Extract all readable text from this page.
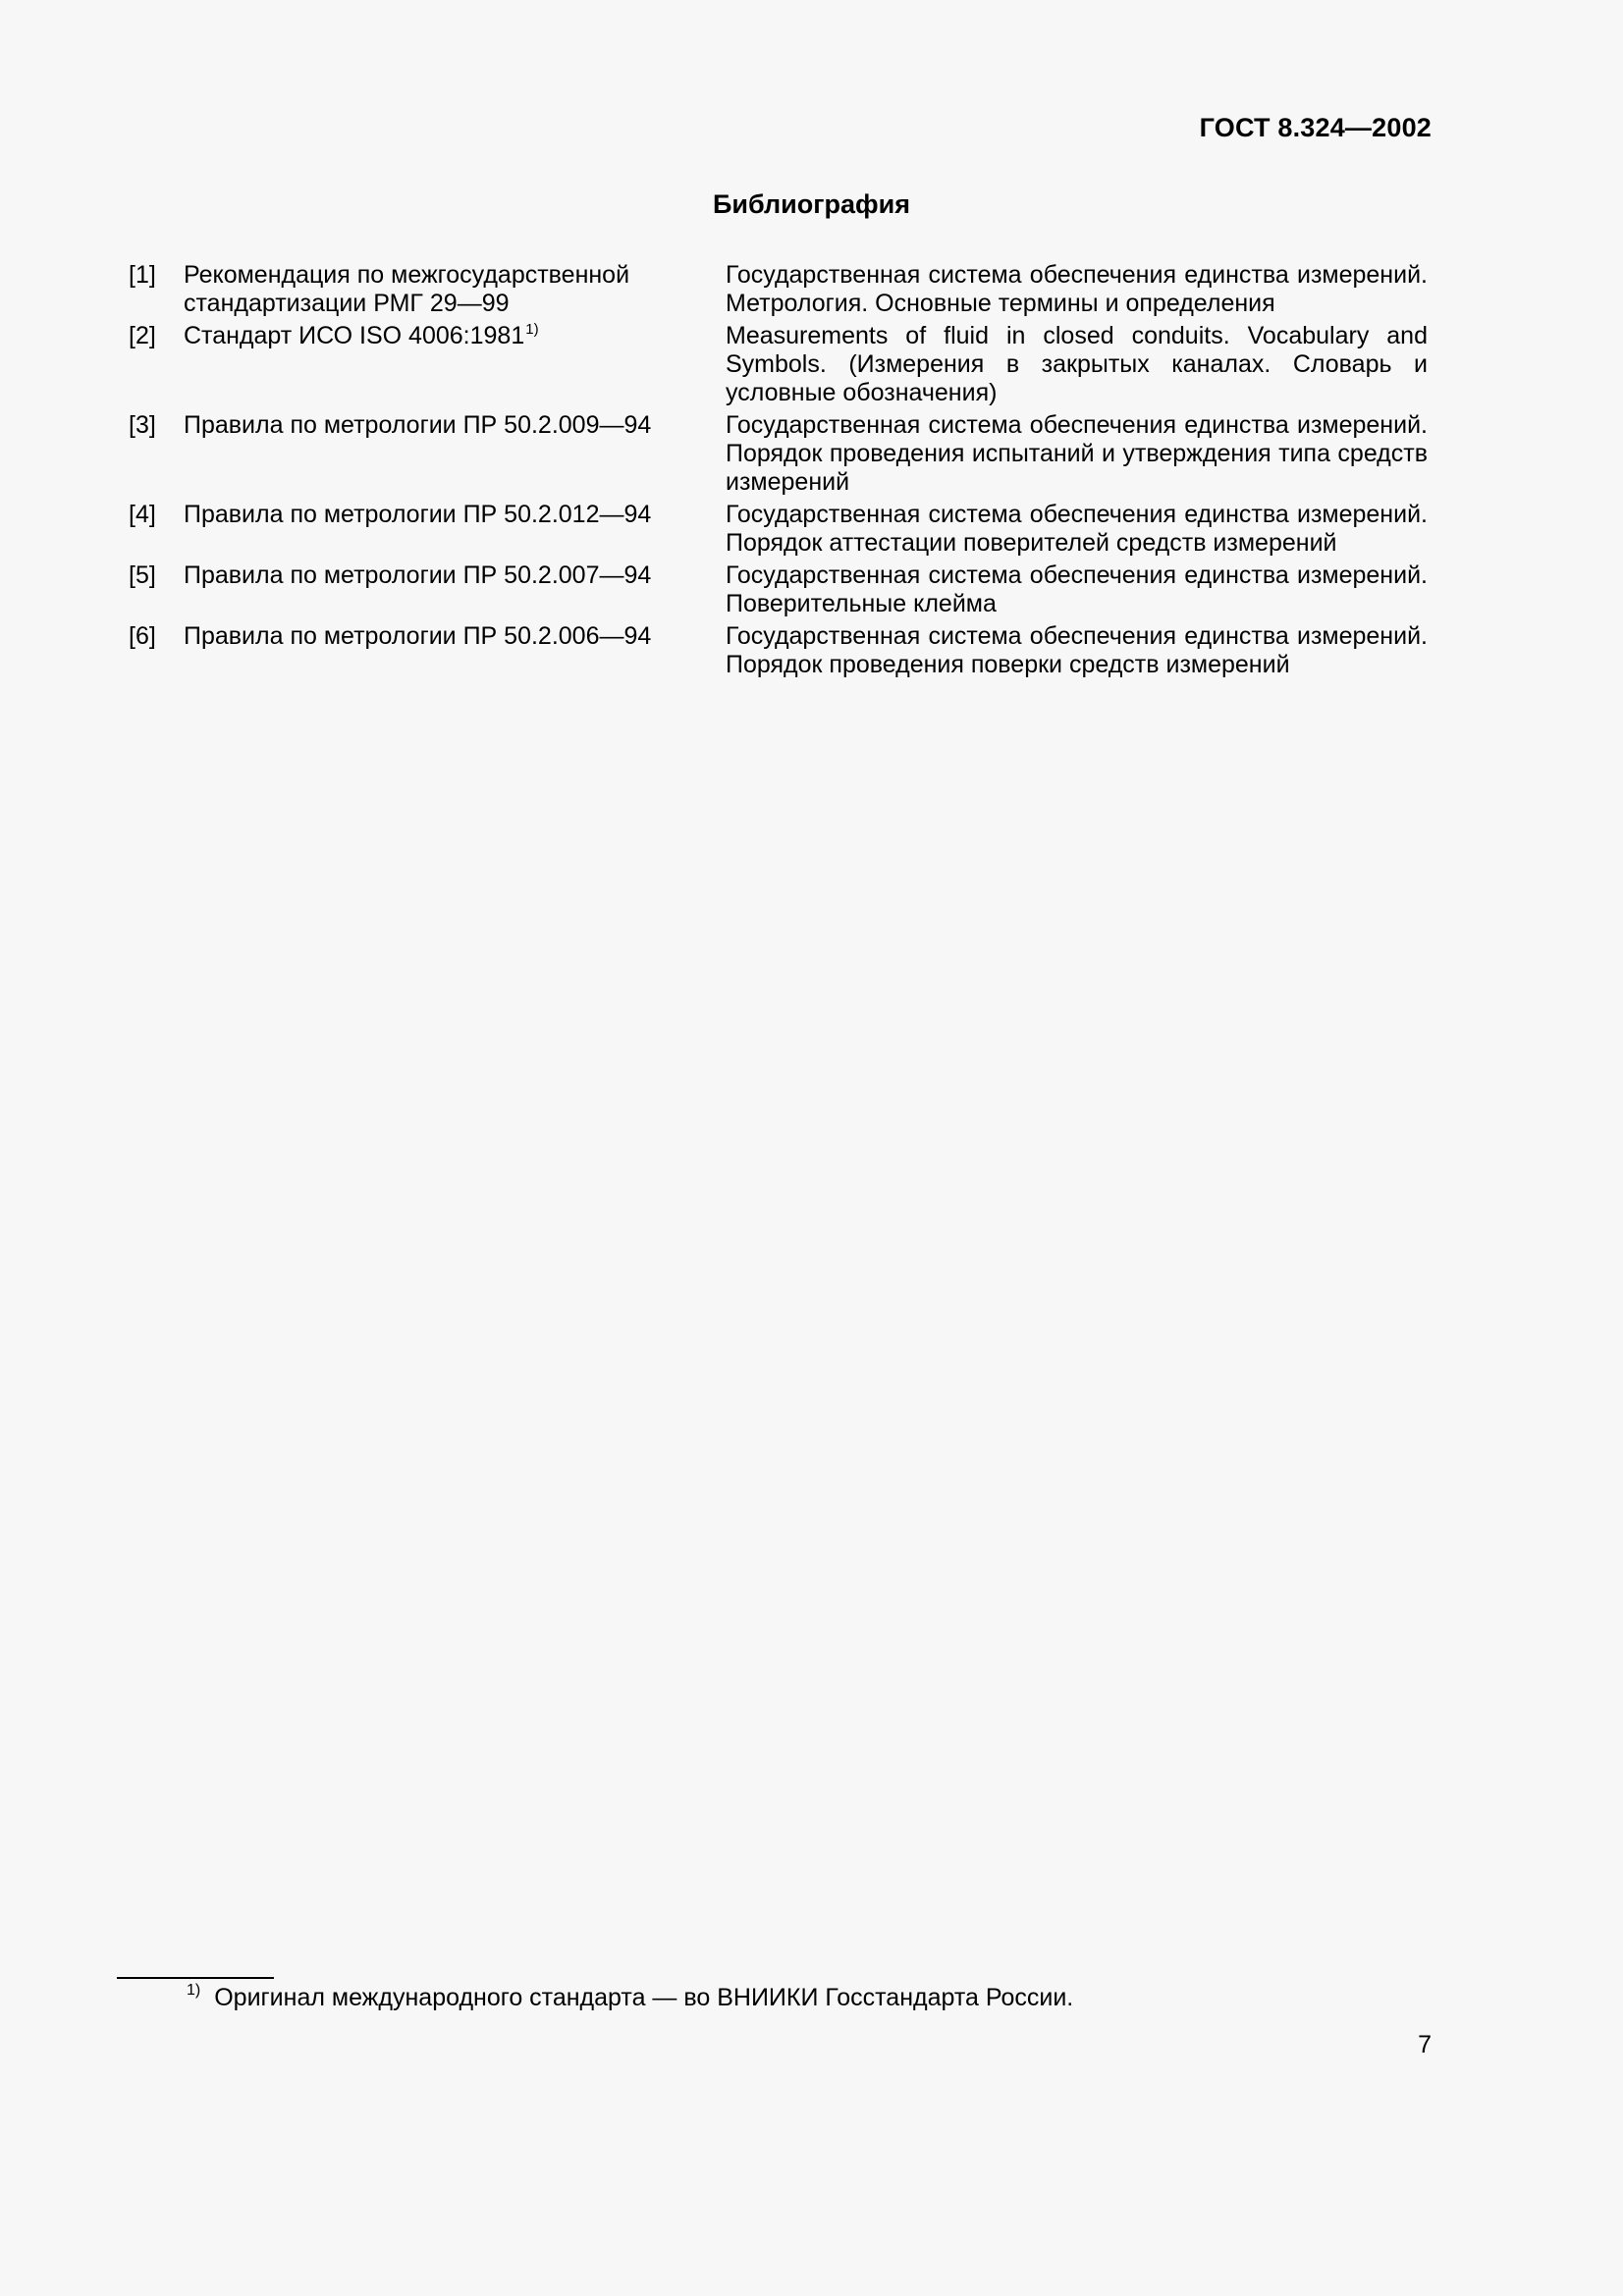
ГОСТ 8.324—2002
Библиография
[1]	Рекомендация по межгосударственной стандартизации РМГ 29—99	Государственная система обеспечения единства измерений. Метрология. Основные термины и определения
[2]	Стандарт ИСО ISO 4006:1981$^{1)}$	Measurements of fluid in closed conduits. Vocabulary and Symbols. (Измерения в закрытых каналах. Словарь и условные обозначения)
[3]	Правила по метрологии ПР 50.2.009—94	Государственная система обеспечения единства измерений. Порядок проведения испытаний и утверждения типа средств измерений
[4]	Правила по метрологии ПР 50.2.012—94	Государственная система обеспечения единства измерений. Порядок аттестации поверителей средств измерений
[5]	Правила по метрологии ПР 50.2.007—94	Государственная система обеспечения единства измерений. Поверительные клейма
[6]	Правила по метрологии ПР 50.2.006—94	Государственная система обеспечения единства измерений. Порядок проведения поверки средств измерений
$^{1)}$ Оригинал международного стандарта — во ВНИИКИ Госстандарта России.
7
